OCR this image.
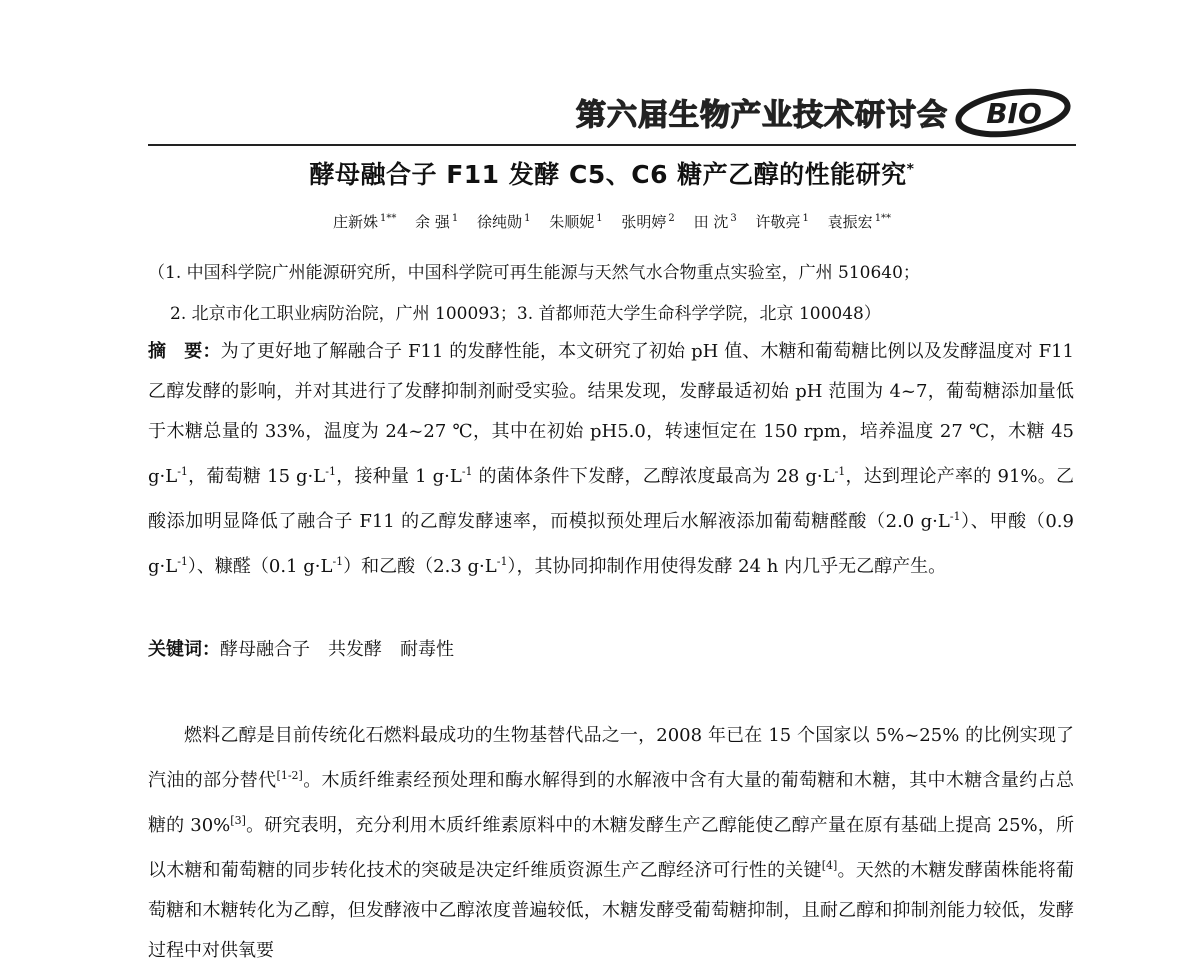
第六届生物产业技术研讨会 BIO
酵母融合子 F11 发酵 C5、C6 糖产乙醇的性能研究*
庄新姝 $^{1**}$ 余 强 $^1$ 徐纯勋 $^1$ 朱顺妮 $^1$ 张明婷 $^2$ 田 沈 $^3$ 许敬亮 $^1$ 袁振宏 $^{1**}$
（1. 中国科学院广州能源研究所，中国科学院可再生能源与天然气水合物重点实验室，广州 510640；
2. 北京市化工职业病防治院，广州 100093；3. 首都师范大学生命科学学院，北京 100048）
摘　要：为了更好地了解融合子 F11 的发酵性能，本文研究了初始 pH 值、木糖和葡萄糖比例以及发酵温度对 F11 乙醇发酵的影响，并对其进行了发酵抑制剂耐受实验。结果发现，发酵最适初始 pH 范围为 4~7，葡萄糖添加量低于木糖总量的 33%，温度为 24~27 ℃，其中在初始 pH5.0，转速恒定在 150 rpm，培养温度 27 ℃，木糖 45 $g\cdot L^{-1}$，葡萄糖 15 $g\cdot L^{-1}$，接种量 1 $g\cdot L^{-1}$ 的菌体条件下发酵，乙醇浓度最高为 28 $g\cdot L^{-1}$，达到理论产率的 91%。乙酸添加明显降低了融合子 F11 的乙醇发酵速率，而模拟预处理后水解液添加葡萄糖醛酸（2.0 $g\cdot L^{-1}$）、甲酸（0.9 $g\cdot L^{-1}$）、糠醛（0.1 $g\cdot L^{-1}$）和乙酸（2.3 $g\cdot L^{-1}$），其协同抑制作用使得发酵 24 h 内几乎无乙醇产生。
关键词：酵母融合子 共发酵 耐毒性
燃料乙醇是目前传统化石燃料最成功的生物基替代品之一，2008 年已在 15 个国家以 5%~25% 的比例实现了汽油的部分替代[1-2]。木质纤维素经预处理和酶水解得到的水解液中含有大量的葡萄糖和木糖，其中木糖含量约占总糖的 30%[3]。研究表明，充分利用木质纤维素原料中的木糖发酵生产乙醇能使乙醇产量在原有基础上提高 25%，所以木糖和葡萄糖的同步转化技术的突破是决定纤维质资源生产乙醇经济可行性的关键[4]。天然的木糖发酵菌株能将葡萄糖和木糖转化为乙醇，但发酵液中乙醇浓度普遍较低，木糖发酵受葡萄糖抑制，且耐乙醇和抑制剂能力较低，发酵过程中对供氧要
